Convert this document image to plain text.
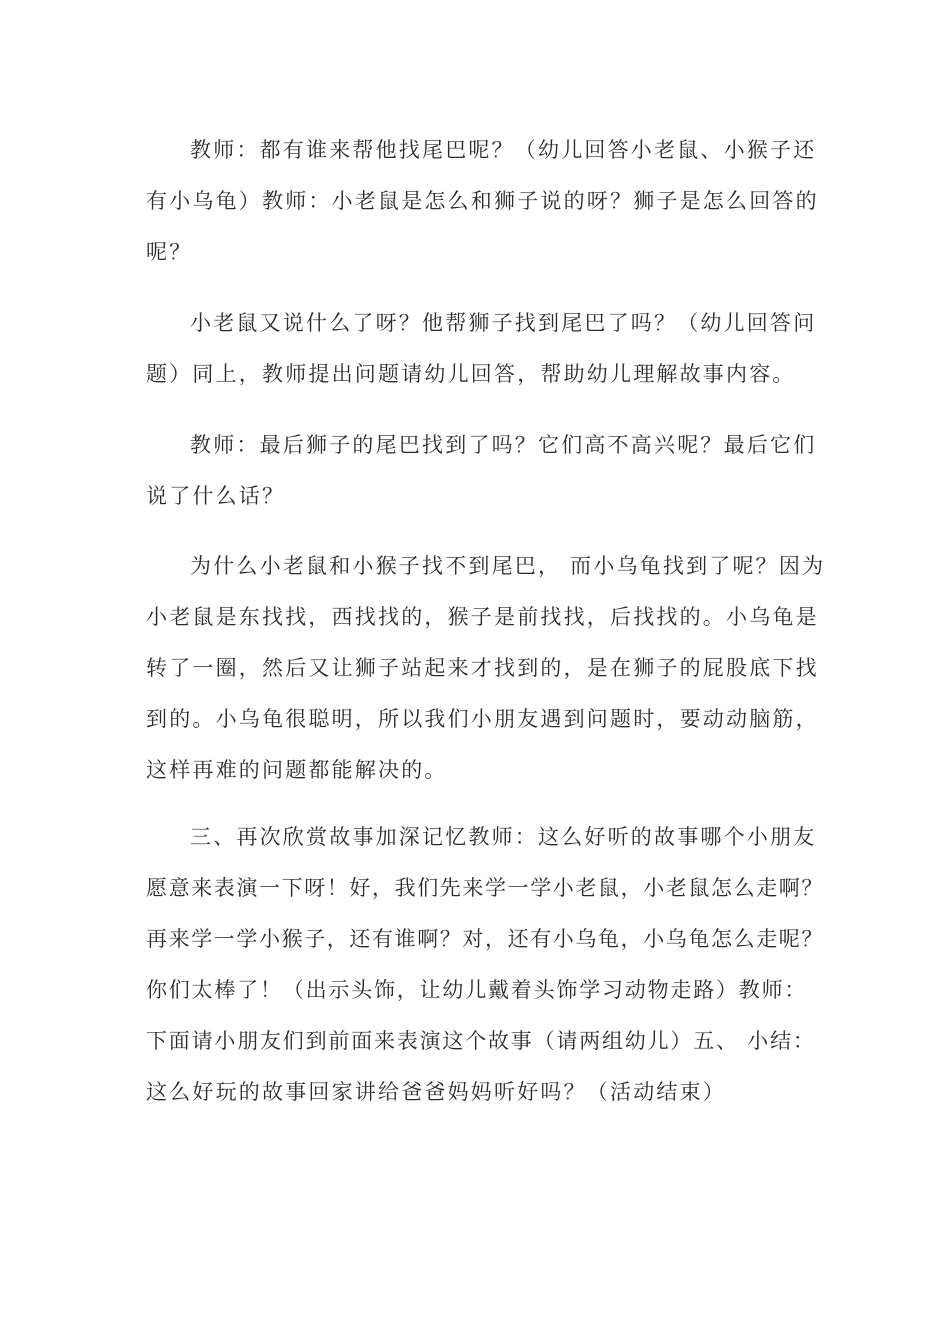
教师：都有谁来帮他找尾巴呢？（幼儿回答小老鼠、小猴子还
有小乌龟）教师：小老鼠是怎么和狮子说的呀？狮子是怎么回答的
呢？
小老鼠又说什么了呀？他帮狮子找到尾巴了吗？（幼儿回答问
题）同上，教师提出问题请幼儿回答，帮助幼儿理解故事内容。
教师：最后狮子的尾巴找到了吗？它们高不高兴呢？最后它们
说了什么话？
为什么小老鼠和小猴子找不到尾巴， 而小乌龟找到了呢？因为
小老鼠是东找找，西找找的，猴子是前找找，后找找的。小乌龟是
转了一圈，然后又让狮子站起来才找到的，是在狮子的屁股底下找
到的。小乌龟很聪明，所以我们小朋友遇到问题时，要动动脑筋，
这样再难的问题都能解决的。
三、再次欣赏故事加深记忆教师：这么好听的故事哪个小朋友
愿意来表演一下呀！好，我们先来学一学小老鼠，小老鼠怎么走啊？
再来学一学小猴子，还有谁啊？对，还有小乌龟，小乌龟怎么走呢？
你们太棒了！（出示头饰，让幼儿戴着头饰学习动物走路）教师：
下面请小朋友们到前面来表演这个故事（请两组幼儿）五、 小结：
这么好玩的故事回家讲给爸爸妈妈听好吗？（活动结束）
